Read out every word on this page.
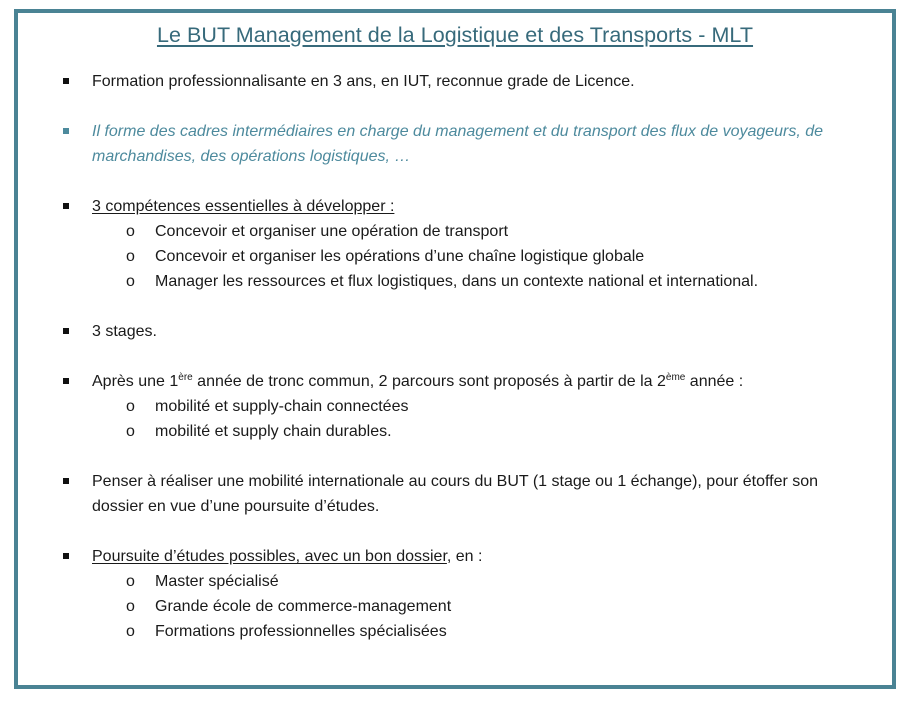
Le BUT Management de la Logistique et des Transports - MLT
Formation professionnalisante en 3 ans, en IUT, reconnue grade de Licence.
Il forme des cadres intermédiaires en charge du management et du transport des flux de voyageurs, de
marchandises, des opérations logistiques, …
3 compétences essentielles à développer :
o Concevoir et organiser une opération de transport
o Concevoir et organiser les opérations d’une chaîne logistique globale
o Manager les ressources et flux logistiques, dans un contexte national et international.
3 stages.
Après une 1ère année de tronc commun, 2 parcours sont proposés à partir de la 2ème année :
o mobilité et supply-chain connectées
o mobilité et supply chain durables.
Penser à réaliser une mobilité internationale au cours du BUT (1 stage ou 1 échange), pour étoffer son
dossier en vue d’une poursuite d’études.
Poursuite d’études possibles, avec un bon dossier, en :
o Master spécialisé
o Grande école de commerce-management
o Formations professionnelles spécialisées
